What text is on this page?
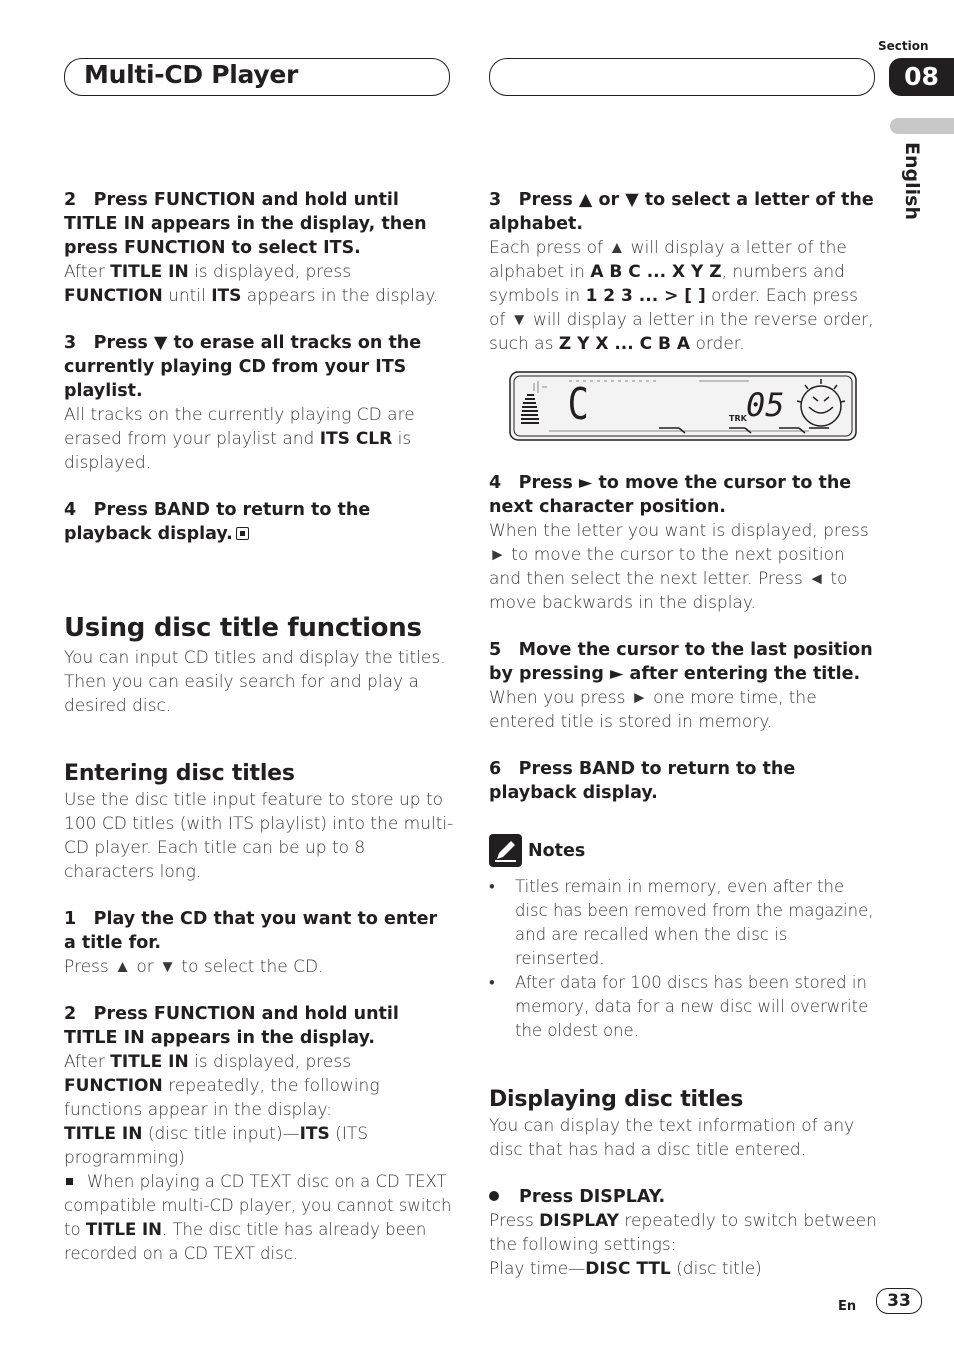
Multi-CD Player
Section
08
English
2 Press FUNCTION and hold until TITLE IN appears in the display, then press FUNCTION to select ITS.
After TITLE IN is displayed, press FUNCTION until ITS appears in the display.
3 Press ▼ to erase all tracks on the currently playing CD from your ITS playlist.
All tracks on the currently playing CD are erased from your playlist and ITS CLR is displayed.
4 Press BAND to return to the playback display.
Using disc title functions
You can input CD titles and display the titles. Then you can easily search for and play a desired disc.
Entering disc titles
Use the disc title input feature to store up to 100 CD titles (with ITS playlist) into the multi-CD player. Each title can be up to 8 characters long.
1 Play the CD that you want to enter a title for.
Press ▲ or ▼ to select the CD.
2 Press FUNCTION and hold until TITLE IN appears in the display.
After TITLE IN is displayed, press FUNCTION repeatedly, the following functions appear in the display:
TITLE IN (disc title input)—ITS (ITS programming)
When playing a CD TEXT disc on a CD TEXT compatible multi-CD player, you cannot switch to TITLE IN. The disc title has already been recorded on a CD TEXT disc.
3 Press ▲ or ▼ to select a letter of the alphabet.
Each press of ▲ will display a letter of the alphabet in A B C ... X Y Z, numbers and symbols in 1 2 3 ... > [ ] order. Each press of ▼ will display a letter in the reverse order, such as Z Y X ... C B A order.
C	TRK 05
4 Press ► to move the cursor to the next character position.
When the letter you want is displayed, press ► to move the cursor to the next position and then select the next letter. Press ◄ to move backwards in the display.
5 Move the cursor to the last position by pressing ► after entering the title.
When you press ► one more time, the entered title is stored in memory.
6 Press BAND to return to the playback display.
Notes
• Titles remain in memory, even after the disc has been removed from the magazine, and are recalled when the disc is reinserted.
• After data for 100 discs has been stored in memory, data for a new disc will overwrite the oldest one.
Displaying disc titles
You can display the text information of any disc that has had a disc title entered.
Press DISPLAY.
Press DISPLAY repeatedly to switch between the following settings:
Play time—DISC TTL (disc title)
En	33
